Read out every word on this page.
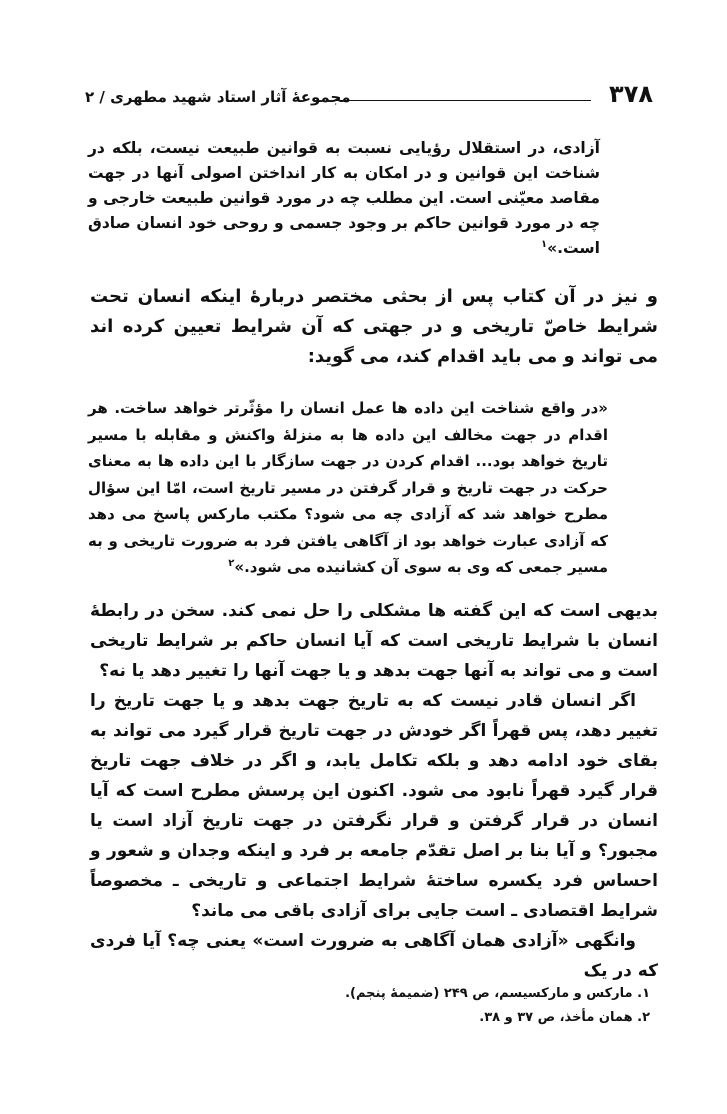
۳۷۸
مجموعهٔ آثار استاد شهید مطهری / ۲

آزادی، در استقلال رؤیایی نسبت به قوانین طبیعت نیست، بلکه در شناخت این قوانین و در امکان به کار انداختن اصولی آنها در جهت مقاصد معیّنی است. این مطلب چه در مورد قوانین طبیعت خارجی و چه در مورد قوانین حاکم بر وجود جسمی و روحی خود انسان صادق است.»$^۱$

و نیز در آن کتاب پس از بحثی مختصر دربارهٔ اینکه انسان تحت شرایط خاصّ تاریخی و در جهتی که آن شرایط تعیین کرده اند می تواند و می باید اقدام کند، می گوید:

«در واقع شناخت این داده ها عمل انسان را مؤثّرتر خواهد ساخت. هر اقدام در جهت مخالف این داده ها به منزلهٔ واکنش و مقابله با مسیر تاریخ خواهد بود... اقدام کردن در جهت سازگار با این داده ها به معنای حرکت در جهت تاریخ و قرار گرفتن در مسیر تاریخ است، امّا این سؤال مطرح خواهد شد که آزادی چه می شود؟ مکتب مارکس پاسخ می دهد که آزادی عبارت خواهد بود از آگاهی یافتن فرد به ضرورت تاریخی و به مسیر جمعی که وی به سوی آن کشانیده می شود.»$^۲$

بدیهی است که این گفته ها مشکلی را حل نمی کند. سخن در رابطهٔ انسان با شرایط تاریخی است که آیا انسان حاکم بر شرایط تاریخی است و می تواند به آنها جهت بدهد و یا جهت آنها را تغییر دهد یا نه؟

اگر انسان قادر نیست که به تاریخ جهت بدهد و یا جهت تاریخ را تغییر دهد، پس قهراً اگر خودش در جهت تاریخ قرار گیرد می تواند به بقای خود ادامه دهد و بلکه تکامل یابد، و اگر در خلاف جهت تاریخ قرار گیرد قهراً نابود می شود. اکنون این پرسش مطرح است که آیا انسان در قرار گرفتن و قرار نگرفتن در جهت تاریخ آزاد است یا مجبور؟ و آیا بنا بر اصل تقدّم جامعه بر فرد و اینکه وجدان و شعور و احساس فرد یکسره ساختهٔ شرایط اجتماعی و تاریخی ـ مخصوصاً شرایط اقتصادی ـ است جایی برای آزادی باقی می ماند؟

وانگهی «آزادی همان آگاهی به ضرورت است» یعنی چه؟ آیا فردی که در یک

۱. مارکس و مارکسیسم، ص ۲۴۹ (ضمیمهٔ پنجم).
۲. همان مأخذ، ص ۳۷ و ۳۸.
